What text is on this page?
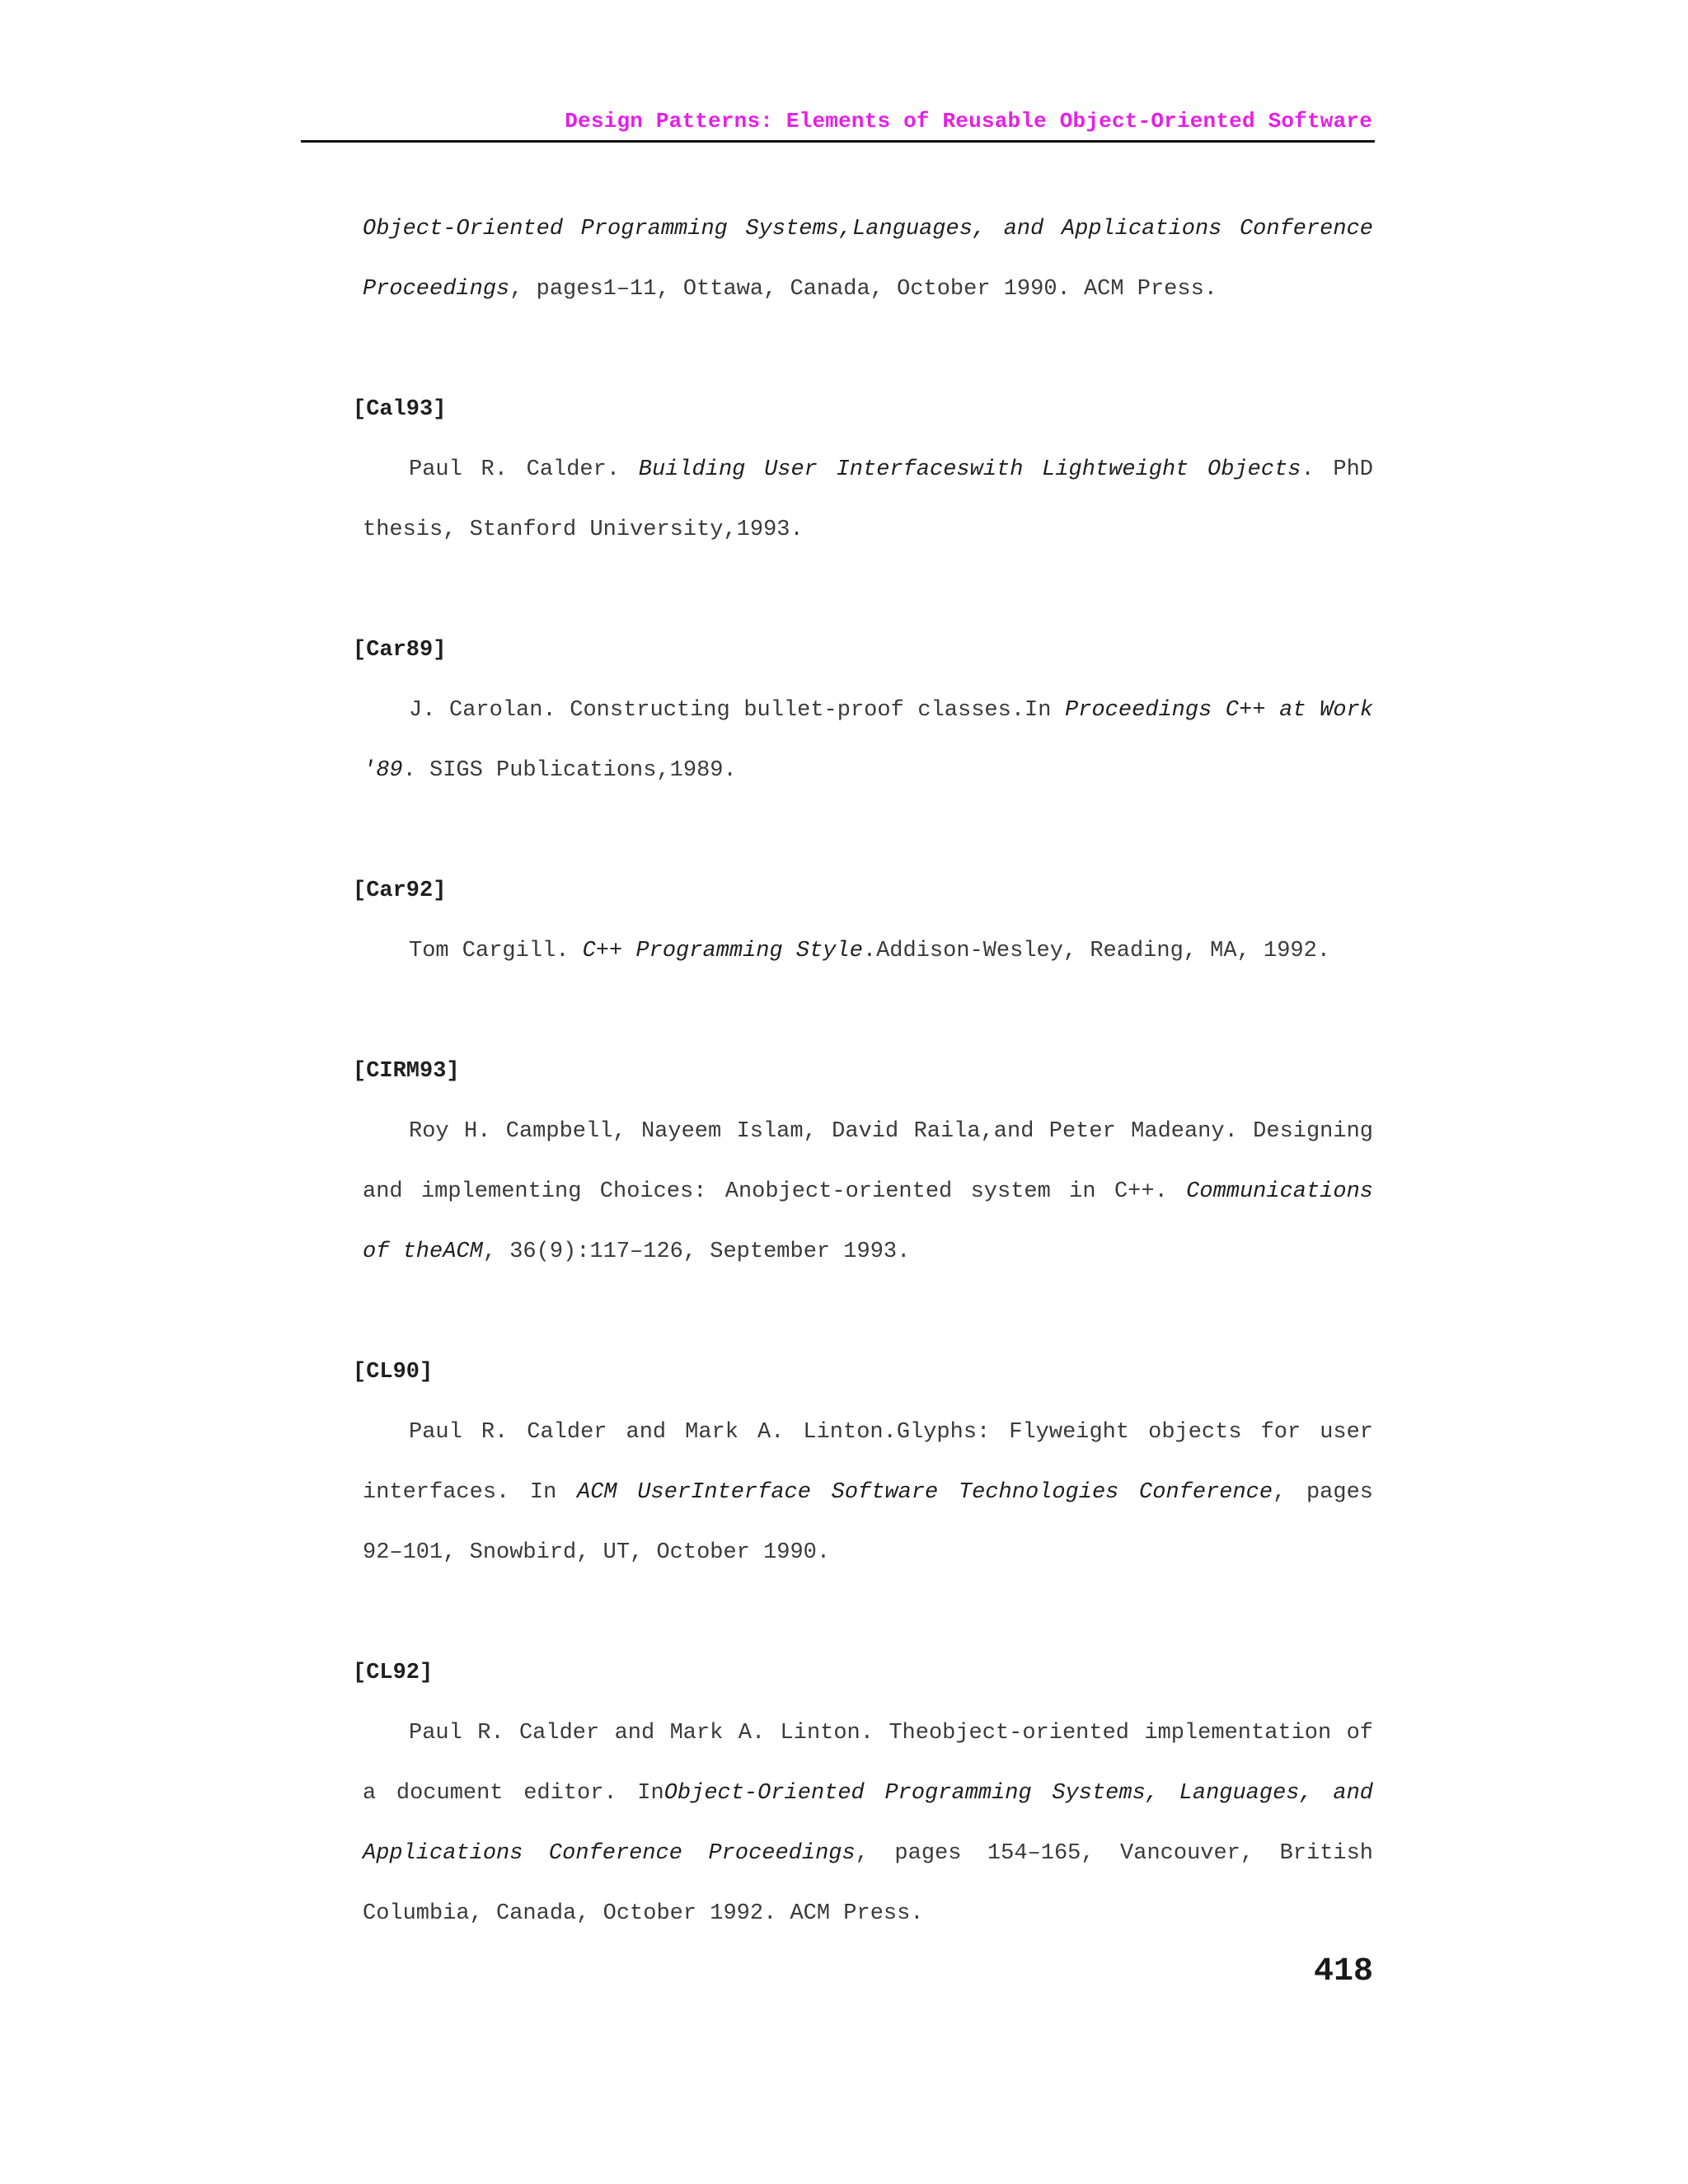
Design Patterns: Elements of Reusable Object-Oriented Software

Object-Oriented Programming Systems,Languages, and Applications Conference Proceedings, pages1–11, Ottawa, Canada, October 1990. ACM Press.

[Cal93]

Paul R. Calder. Building User Interfaceswith Lightweight Objects. PhD thesis, Stanford University,1993.

[Car89]

J. Carolan. Constructing bullet-proof classes.In Proceedings C++ at Work '89. SIGS Publications,1989.

[Car92]

Tom Cargill. C++ Programming Style.Addison-Wesley, Reading, MA, 1992.

[CIRM93]

Roy H. Campbell, Nayeem Islam, David Raila,and Peter Madeany. Designing and implementing Choices: Anobject-oriented system in C++. Communications of theACM, 36(9):117–126, September 1993.

[CL90]

Paul R. Calder and Mark A. Linton.Glyphs: Flyweight objects for user interfaces. In ACM UserInterface Software Technologies Conference, pages 92–101, Snowbird, UT, October 1990.

[CL92]

Paul R. Calder and Mark A. Linton. Theobject-oriented implementation of a document editor. InObject-Oriented Programming Systems, Languages, and Applications Conference Proceedings, pages 154–165, Vancouver, British Columbia, Canada, October 1992. ACM Press.

418
